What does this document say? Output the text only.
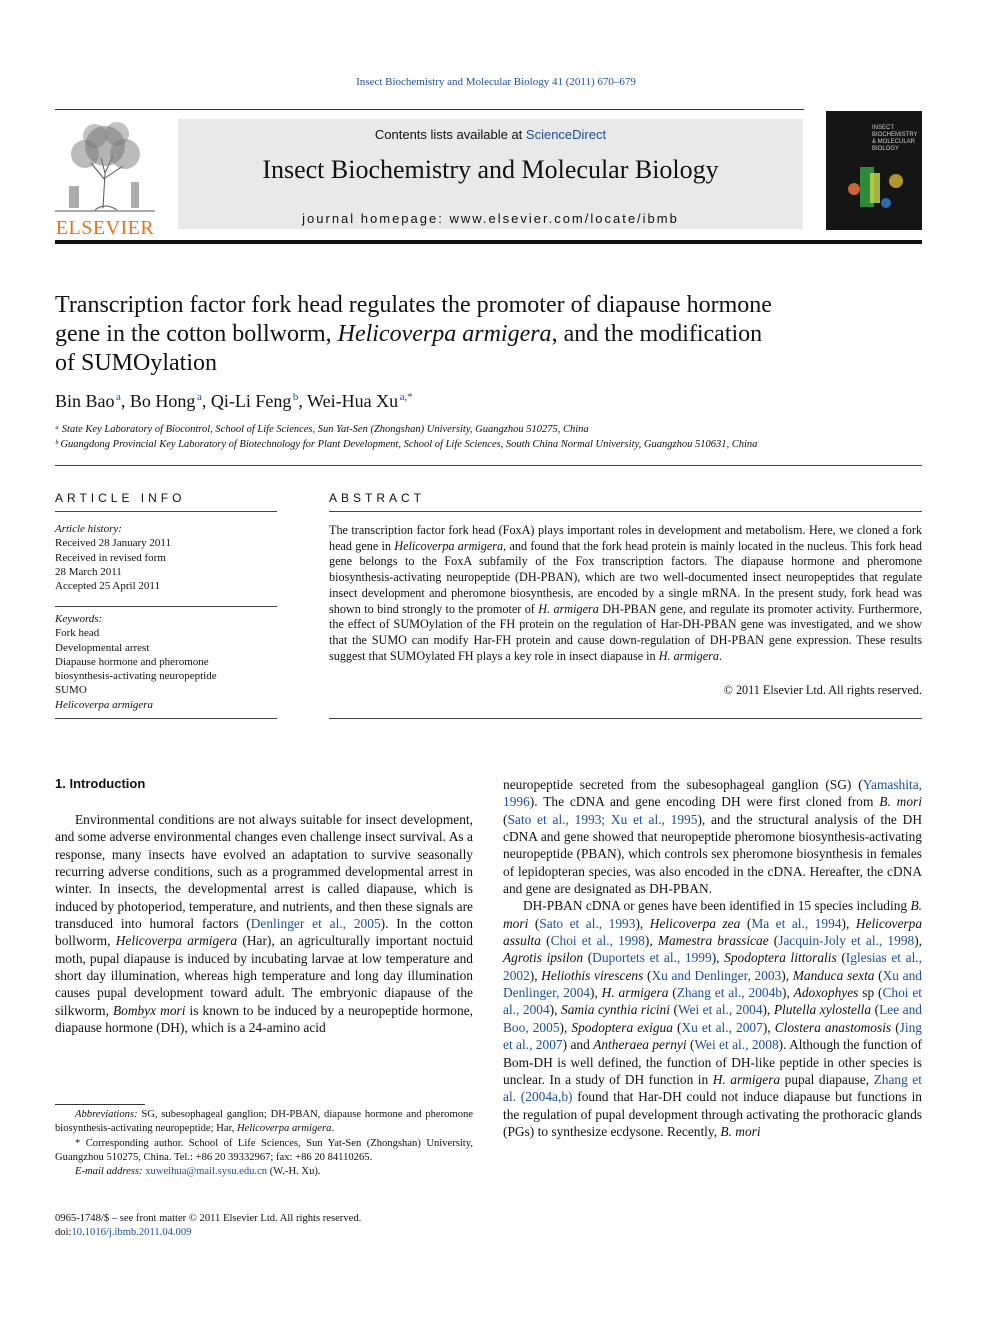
Insect Biochemistry and Molecular Biology 41 (2011) 670–679
ELSEVIER
Contents lists available at ScienceDirect
Insect Biochemistry and Molecular Biology
journal homepage: www.elsevier.com/locate/ibmb
INSECT BIOCHEMISTRY & MOLECULAR BIOLOGY
Transcription factor fork head regulates the promoter of diapause hormone
gene in the cotton bollworm, Helicoverpa armigera, and the modification
of SUMOylation
Bin Bao  $^a$, Bo Hong  $^a$, Qi-Li Feng  $^b$, Wei-Hua Xu  $^{a,*}$
ᵃ State Key Laboratory of Biocontrol, School of Life Sciences, Sun Yat-Sen (Zhongshan) University, Guangzhou 510275, China
ᵇ Guangdong Provincial Key Laboratory of Biotechnology for Plant Development, School of Life Sciences, South China Normal University, Guangzhou 510631, China
ARTICLE INFO	ABSTRACT
Article history:
Received 28 January 2011
Received in revised form
28 March 2011
Accepted 25 April 2011
Keywords:
Fork head
Developmental arrest
Diapause hormone and pheromone
biosynthesis-activating neuropeptide
SUMO
Helicoverpa armigera
The transcription factor fork head (FoxA) plays important roles in development and metabolism. Here, we cloned a fork head gene in Helicoverpa armigera, and found that the fork head protein is mainly located in the nucleus. This fork head gene belongs to the FoxA subfamily of the Fox transcription factors. The diapause hormone and pheromone biosynthesis-activating neuropeptide (DH-PBAN), which are two well-documented insect neuropeptides that regulate insect development and pheromone biosynthesis, are encoded by a single mRNA. In the present study, fork head was shown to bind strongly to the promoter of H. armigera DH-PBAN gene, and regulate its promoter activity. Furthermore, the effect of SUMOylation of the FH protein on the regulation of Har-DH-PBAN gene was investigated, and we show that the SUMO can modify Har-FH protein and cause down-regulation of DH-PBAN gene expression. These results suggest that SUMOylated FH plays a key role in insect diapause in H. armigera.
© 2011 Elsevier Ltd. All rights reserved.
1. Introduction

Environmental conditions are not always suitable for insect development, and some adverse environmental changes even challenge insect survival. As a response, many insects have evolved an adaptation to survive seasonally recurring adverse conditions, such as a programmed developmental arrest in winter. In insects, the developmental arrest is called diapause, which is induced by photoperiod, temperature, and nutrients, and then these signals are transduced into humoral factors (Denlinger et al., 2005). In the cotton bollworm, Helicoverpa armigera (Har), an agriculturally important noctuid moth, pupal diapause is induced by incubating larvae at low temperature and short day illumination, whereas high temperature and long day illumination causes pupal development toward adult. The embryonic diapause of the silkworm, Bombyx mori is known to be induced by a neuropeptide hormone, diapause hormone (DH), which is a 24-amino acid

neuropeptide secreted from the subesophageal ganglion (SG) (Yamashita, 1996). The cDNA and gene encoding DH were first cloned from B. mori (Sato et al., 1993; Xu et al., 1995), and the structural analysis of the DH cDNA and gene showed that neuropeptide pheromone biosynthesis-activating neuropeptide (PBAN), which controls sex pheromone biosynthesis in females of lepidopteran species, was also encoded in the cDNA. Hereafter, the cDNA and gene are designated as DH-PBAN.

DH-PBAN cDNA or genes have been identified in 15 species including B. mori (Sato et al., 1993), Helicoverpa zea (Ma et al., 1994), Helicoverpa assulta (Choi et al., 1998), Mamestra brassicae (Jacquin-Joly et al., 1998), Agrotis ipsilon (Duportets et al., 1999), Spodoptera littoralis (Iglesias et al., 2002), Heliothis virescens (Xu and Denlinger, 2003), Manduca sexta (Xu and Denlinger, 2004), H. armigera (Zhang et al., 2004b), Adoxophyes sp (Choi et al., 2004), Samia cynthia ricini (Wei et al., 2004), Plutella xylostella (Lee and Boo, 2005), Spodoptera exigua (Xu et al., 2007), Clostera anastomosis (Jing et al., 2007) and Antheraea pernyi (Wei et al., 2008). Although the function of Bom-DH is well defined, the function of DH-like peptide in other species is unclear. In a study of DH function in H. armigera pupal diapause, Zhang et al. (2004a,b) found that Har-DH could not induce diapause but functions in the regulation of pupal development through activating the prothoracic glands (PGs) to synthesize ecdysone. Recently, B. mori

Abbreviations: SG, subesophageal ganglion; DH-PBAN, diapause hormone and pheromone biosynthesis-activating neuropeptide; Har, Helicoverpa armigera.

* Corresponding author. School of Life Sciences, Sun Yat-Sen (Zhongshan) University, Guangzhou 510275, China. Tel.: +86 20 39332967; fax: +86 20 84110265.

E-mail address: xuweihua@mail.sysu.edu.cn (W.-H. Xu).

0965-1748/$ – see front matter © 2011 Elsevier Ltd. All rights reserved.
doi:10.1016/j.ibmb.2011.04.009
